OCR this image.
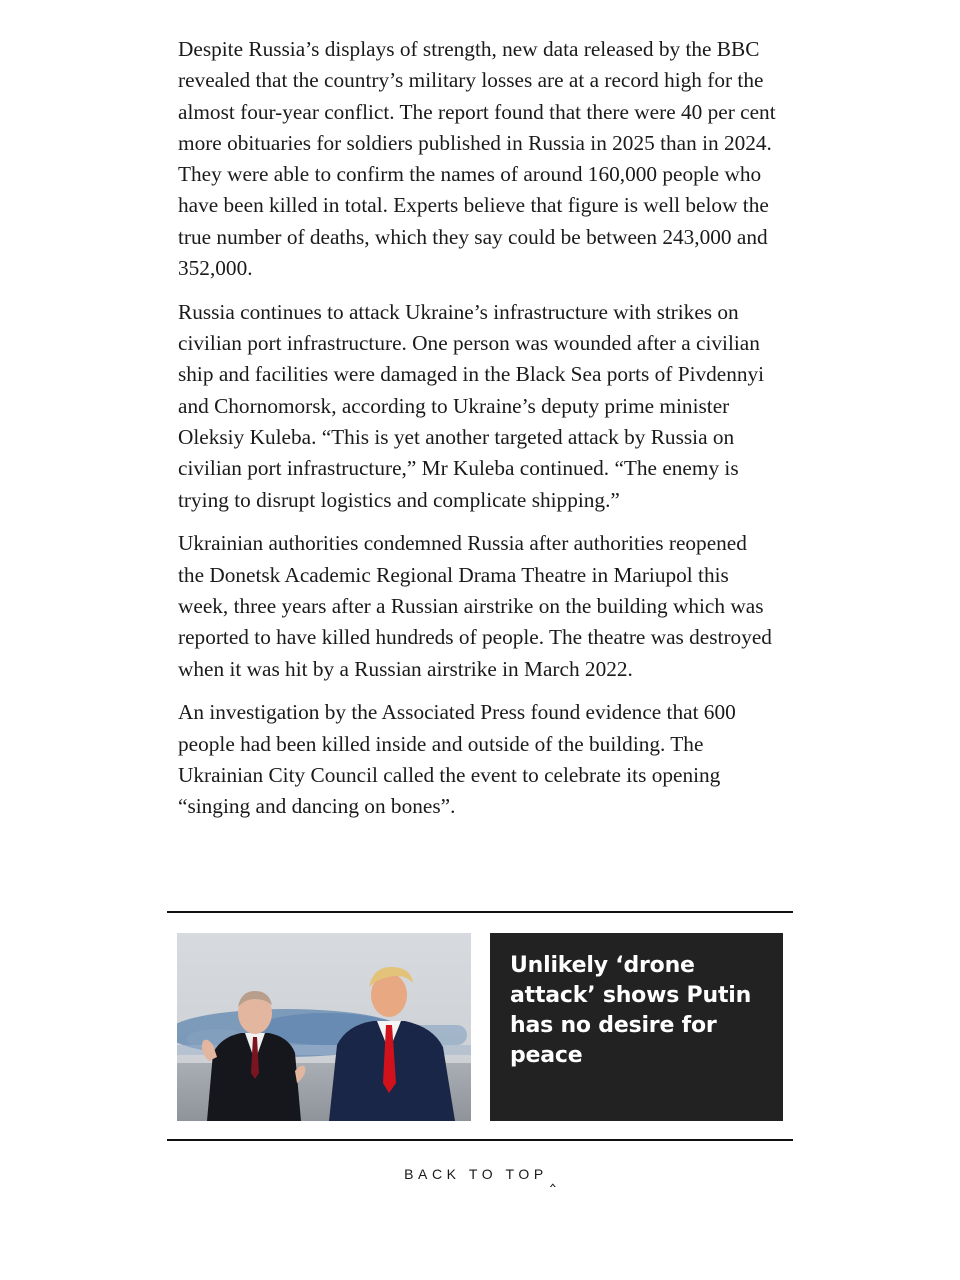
Despite Russia’s displays of strength, new data released by the BBC revealed that the country’s military losses are at a record high for the almost four-year conflict. The report found that there were 40 per cent more obituaries for soldiers published in Russia in 2025 than in 2024. They were able to confirm the names of around 160,000 people who have been killed in total. Experts believe that figure is well below the true number of deaths, which they say could be between 243,000 and 352,000.

Russia continues to attack Ukraine’s infrastructure with strikes on civilian port infrastructure. One person was wounded after a civilian ship and facilities were damaged in the Black Sea ports of Pivdennyi and Chornomorsk, according to Ukraine’s deputy prime minister Oleksiy Kuleba. “This is yet another targeted attack by Russia on civilian port infrastructure,” Mr Kuleba continued. “The enemy is trying to disrupt logistics and complicate shipping.”

Ukrainian authorities condemned Russia after authorities reopened the Donetsk Academic Regional Drama Theatre in Mariupol this week, three years after a Russian airstrike on the building which was reported to have killed hundreds of people. The theatre was destroyed when it was hit by a Russian airstrike in March 2022.

An investigation by the Associated Press found evidence that 600 people had been killed inside and outside of the building. The Ukrainian City Council called the event to celebrate its opening “singing and dancing on bones”.

Unlikely ‘drone attack’ shows Putin has no desire for peace

BACK TO TOP ‸
